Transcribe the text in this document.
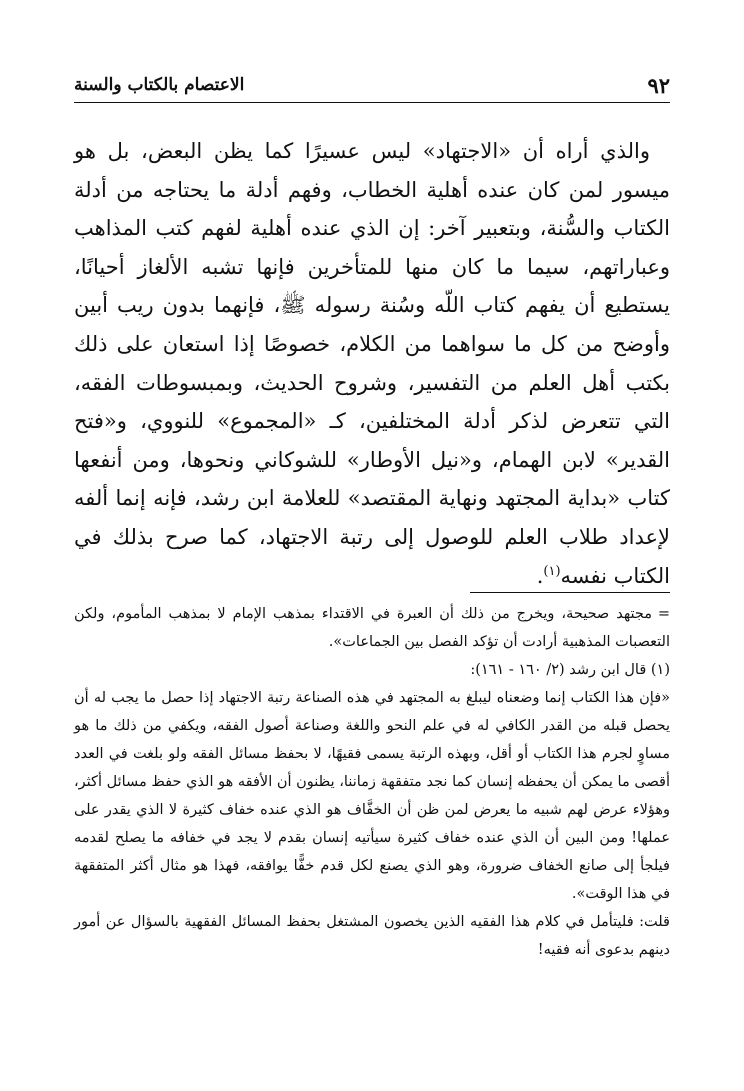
٩٢
الاعتصام بالكتاب والسنة

والذي أراه أن «الاجتهاد» ليس عسيرًا كما يظن البعض، بل هو ميسور لمن كان عنده أهلية الخطاب، وفهم أدلة ما يحتاجه من أدلة الكتاب والسُّنة، وبتعبير آخر: إن الذي عنده أهلية لفهم كتب المذاهب وعباراتهم، سيما ما كان منها للمتأخرين فإنها تشبه الألغاز أحيانًا، يستطيع أن يفهم كتاب اللّه وسُنة رسوله ﷺ، فإنهما بدون ريب أبين وأوضح من كل ما سواهما من الكلام، خصوصًا إذا استعان على ذلك بكتب أهل العلم من التفسير، وشروح الحديث، وبمبسوطات الفقه، التي تتعرض لذكر أدلة المختلفين، كـ «المجموع» للنووي، و«فتح القدير» لابن الهمام، و«نيل الأوطار» للشوكاني ونحوها، ومن أنفعها كتاب «بداية المجتهد ونهاية المقتصد» للعلامة ابن رشد، فإنه إنما ألفه لإعداد طلاب العلم للوصول إلى رتبة الاجتهاد، كما صرح بذلك في الكتاب نفسه$^{(١)}$.

=مجتهد صحيحة، ويخرج من ذلك أن العبرة في الاقتداء بمذهب الإمام لا بمذهب المأموم، ولكن التعصبات المذهبية أرادت أن تؤكد الفصل بين الجماعات».

(١) قال ابن رشد (٢/ ١٦٠ - ١٦١):

«فإن هذا الكتاب إنما وضعناه ليبلغ به المجتهد في هذه الصناعة رتبة الاجتهاد إذا حصل ما يجب له أن يحصل قبله من القدر الكافي له في علم النحو واللغة وصناعة أصول الفقه، ويكفي من ذلك ما هو مساوٍ لجرم هذا الكتاب أو أقل، وبهذه الرتبة يسمى فقيهًا، لا بحفظ مسائل الفقه ولو بلغت في العدد أقصى ما يمكن أن يحفظه إنسان كما نجد متفقهة زماننا، يظنون أن الأفقه هو الذي حفظ مسائل أكثر، وهؤلاء عرض لهم شبيه ما يعرض لمن ظن أن الخفَّاف هو الذي عنده خفاف كثيرة لا الذي يقدر على عملها! ومن البين أن الذي عنده خفاف كثيرة سيأتيه إنسان بقدم لا يجد في خفافه ما يصلح لقدمه فيلجأ إلى صانع الخفاف ضرورة، وهو الذي يصنع لكل قدم خفًّا يوافقه، فهذا هو مثال أكثر المتفقهة في هذا الوقت».

قلت: فليتأمل في كلام هذا الفقيه الذين يخصون المشتغل بحفظ المسائل الفقهية بالسؤال عن أمور دينهم بدعوى أنه فقيه!
